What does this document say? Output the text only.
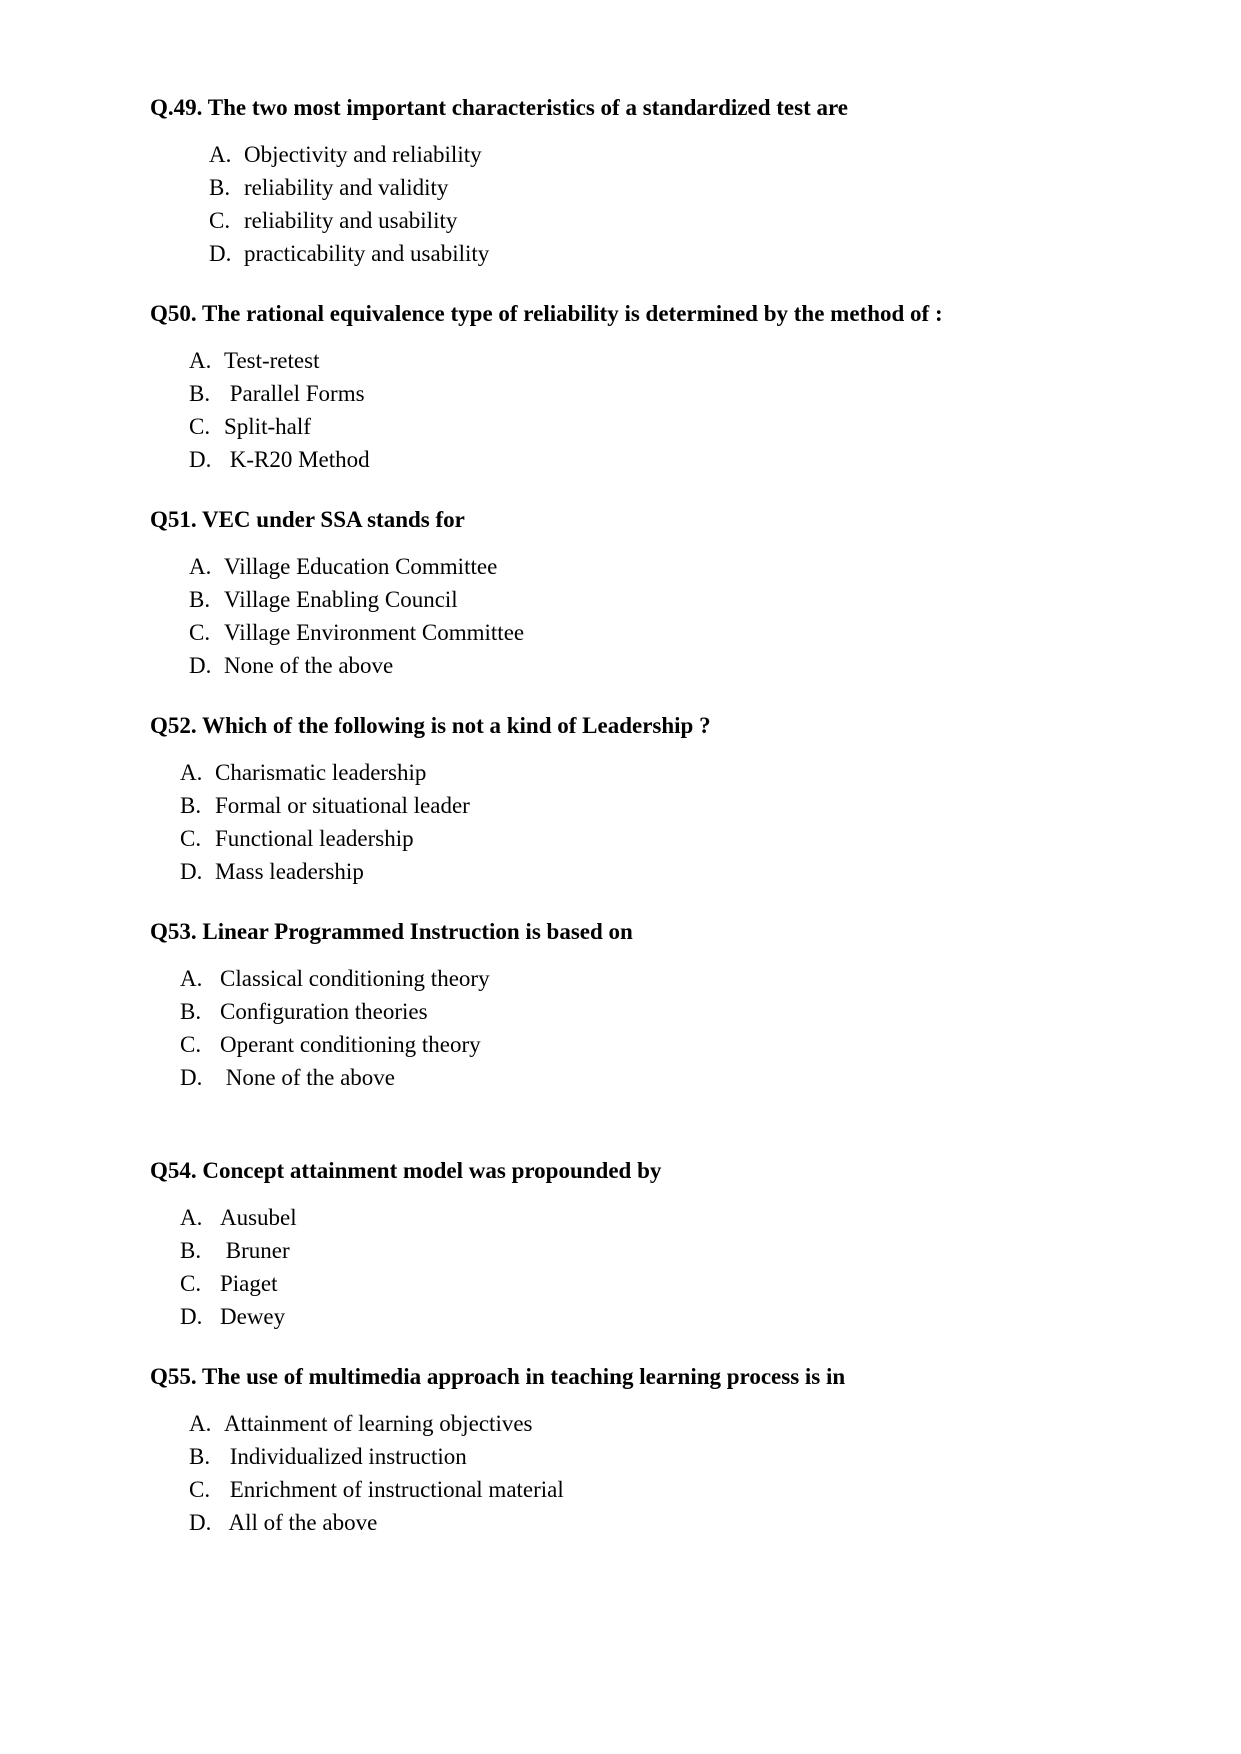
Q.49. The two most important characteristics of a standardized test are

A. Objectivity and reliability
B. reliability and validity
C. reliability and usability
D. practicability and usability

Q50. The rational equivalence type of reliability is determined by the method of :

A. Test-retest
B. Parallel Forms
C. Split-half
D. K-R20 Method

Q51. VEC under SSA stands for

A. Village Education Committee
B. Village Enabling Council
C. Village Environment Committee
D. None of the above

Q52. Which of the following is not a kind of Leadership ?

A. Charismatic leadership
B. Formal or situational leader
C. Functional leadership
D. Mass leadership

Q53. Linear Programmed Instruction is based on

A. Classical conditioning theory
B. Configuration theories
C. Operant conditioning theory
D. None of the above

Q54. Concept attainment model was propounded by

A. Ausubel
B. Bruner
C. Piaget
D. Dewey

Q55. The use of multimedia approach in teaching learning process is in

A. Attainment of learning objectives
B. Individualized instruction
C. Enrichment of instructional material
D. All of the above
